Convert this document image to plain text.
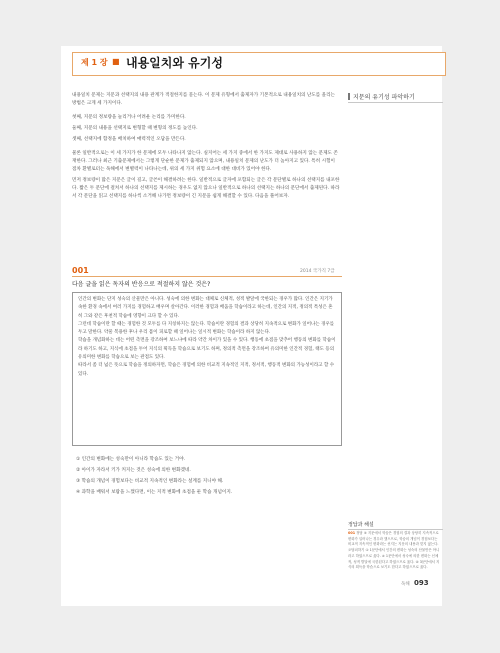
제 1 장 ■ 내용일치와 유기성
지문의 유기성 파악하기

내용일치 문제는 지문과 선택지의 내용 관계가 적절한지를 묻는다. 이 문제 유형에서 출제자가 기본적으로 내용일치의 난도를 올리는 방법은 크게 세 가지이다.

첫째, 지문의 정보량을 늘리거나 어려운 논리를 가미한다.

둘째, 지문의 내용을 선택지로 변형할 때 변형의 정도를 높인다.

셋째, 선택지에 함정을 배치하여 매력적인 오답을 만든다.

물론 일반적으로는 이 세 가지가 한 문제에 모두 나타나지 않는다. 실지어는 세 가지 중에서 한 가지도 제대로 사용하지 않는 문제도 존재한다. 그러나 최근 기출문제에서는 그렇게 단순한 문제가 출제되지 않으며, 내용일치 문제의 난도가 더 높아지고 있다. 특히 시험이 점차 환별로터는 독해에서 변별력이 나타나는데, 위의 세 가지 위험 요소에 대한 대비가 있어야 한다.

먼저 정보량이 많은 지문은 글이 길고, 글쓴이 해결하려는 한다. 일반적으로 글자에 포함되는 글은 각 문단별로 하나의 선택지를 내포한다. 짧은 두 문단에 걸쳐서 하나의 선택지를 제시하는 경우도 없지 않으나 일반적으로 하나의 선택지는 하나의 문단에서 출제된다. 따라서 각 문단을 읽고 선택지를 하나씩 소거해 나가면 정보량이 긴 지문을 쉽게 해결할 수 있다. 다음을 풀어보자.

001	2014 국가직 7급
다음 글을 읽은 독자의 반응으로 적절하지 않은 것은?

인간의 변화는 단지 성숙의 산물만은 아니다. 성숙에 의한 변화는 대체로 신체적, 성적 발달에 국한되는 경우가 많다. 인간은 지기가 속한 환경 속에서 여러 가지를 경험하고 배우며 살아간다. 이러한 경험과 배움을 학습이라고 하는데, 인간의 지적, 정의적 특성은 흔히 그와 같은 후천적 학습에 영향이 크다 할 수 있다.

그런데 학습이란 할 때는 경험한 것 모두를 다 지칭하지는 않는다. 학습이란 경험의 결과 상당히 지속적으로 변화가 일어나는 경우를 두고 말한다. 약물 복용한 후나 우리 몸이 피로할 때 일어나는 일시적 변화는 학습이라 하지 않는다.

학습을 개념화하는 데는 어떤 측면을 강조하여 보느냐에 따라 약간 차이가 있을 수 있다. 행동에 초점을 맞추어 행동의 변화를 학습이라 하기도 하고, 지식에 초점을 두어 지식의 획득을 학습으로 보기도 하며, 정의적 측면을 강조하여 유의미한 인간적 경험, 태도 등의 유의미한 변화를 학습으로 보는 관점도 있다.

따라서 좀 더 넓은 뜻으로 학습을 정의하자면, 학습은 경험에 의한 비교적 지속적인 지적, 정서적, 행동적 변화의 가능성이라고 할 수 있다.

① 인간의 변화에는 성숙만이 아니라 학습도 있는 거야.
② 아이가 자라서 키가 커지는 것은 성숙에 의한 변화겠네.
③ 학습의 개념이 경험보다는 비교적 지속적인 변화라는 설계를 지니야 해.
④ 과학을 배워서 보람을 느꼈다면, 이는 지적 변화에 초점을 둔 학습 개념이지.
정답과 해설

001 정답 ③ 지문에서 학습은 경험의 결과 상당히 지속적으로 변화가 일어나는 경우라 했으므로, 학습의 개념이 경험보다는 비교적 지속적인 변화라는 선지는 지문의 내용과 맞지 않는다. 오답피하기 ① 1문단에서 인간의 변화는 성숙의 산물만은 아니라고 하였으므로 옳다. ② 1문단에서 성숙에 의한 변화는 신체적, 성적 발달에 국한된다고 하였으므로 옳다. ④ 3문단에서 지식의 획득을 학습으로 보기도 한다고 하였으므로 옳다.

독해 093
